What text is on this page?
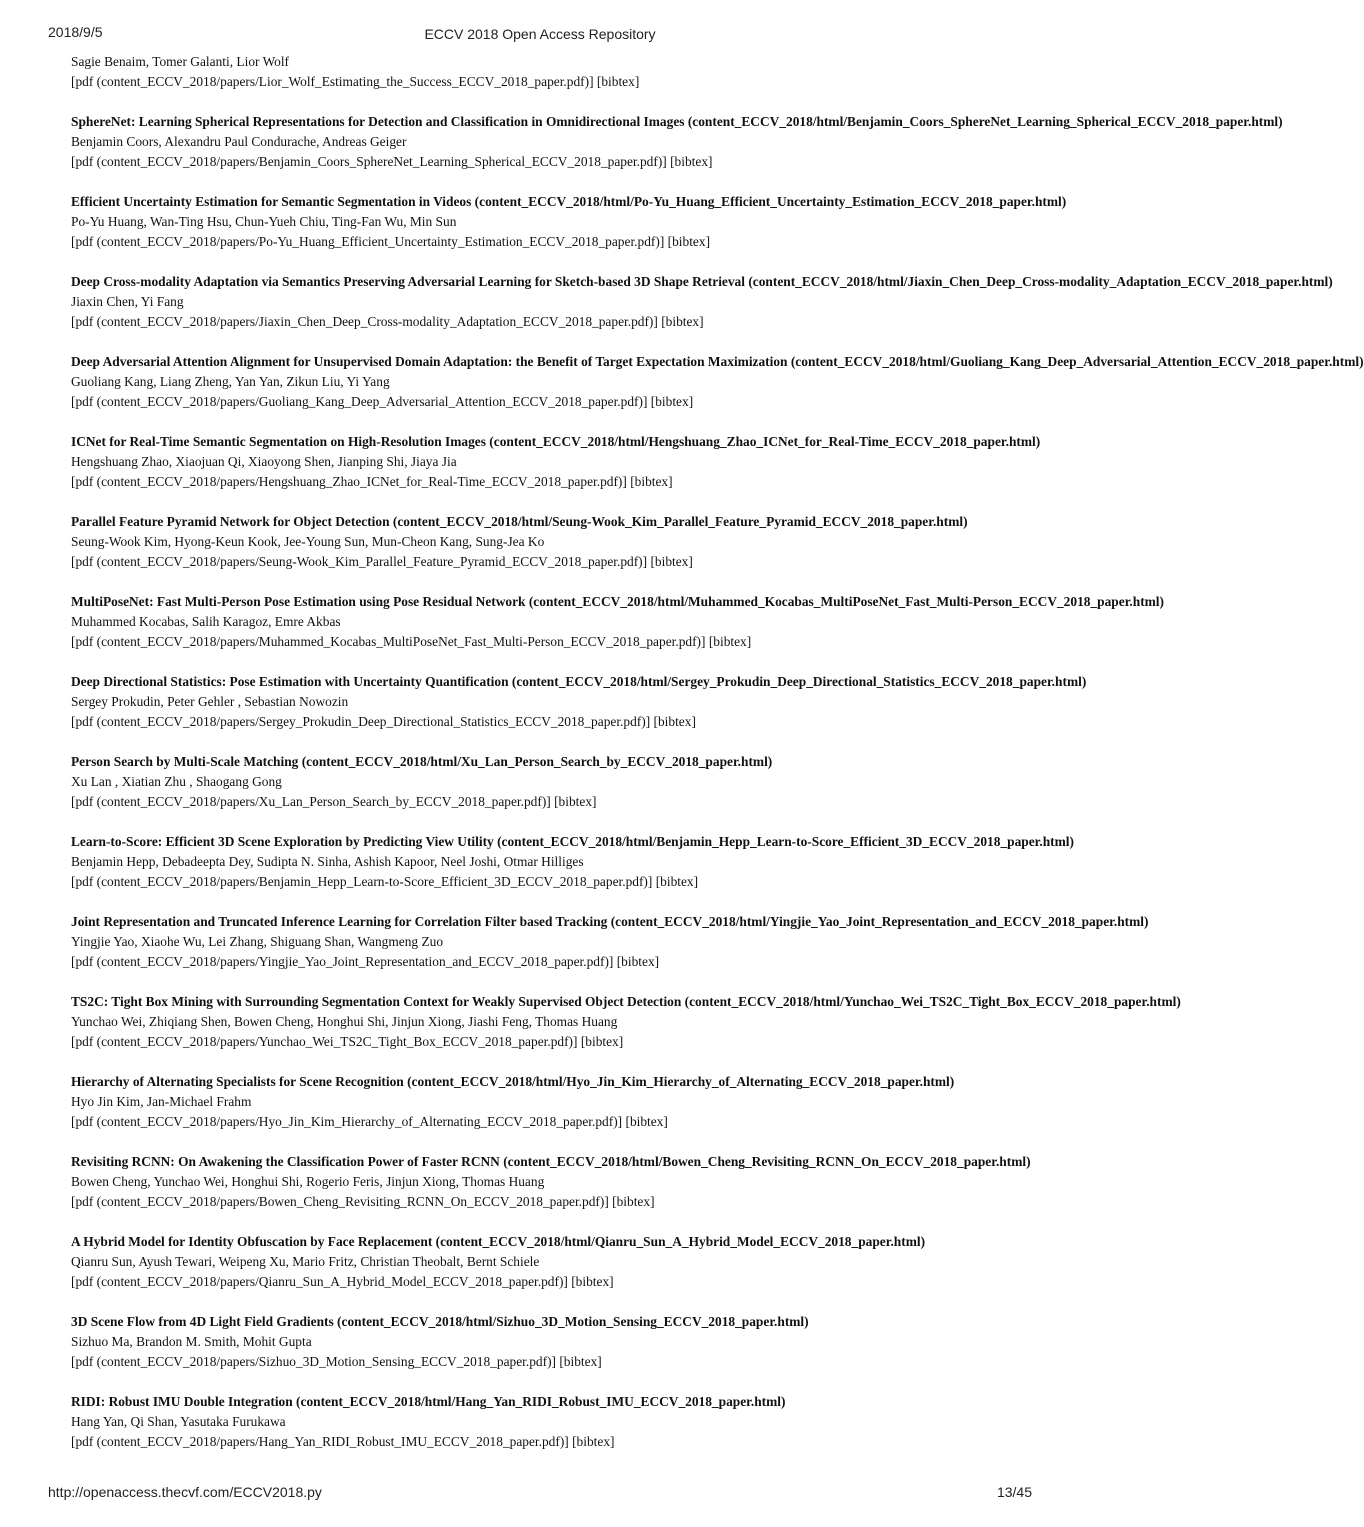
2018/9/5	ECCV 2018 Open Access Repository
Sagie Benaim, Tomer Galanti, Lior Wolf
[pdf (content_ECCV_2018/papers/Lior_Wolf_Estimating_the_Success_ECCV_2018_paper.pdf)] [bibtex]
SphereNet: Learning Spherical Representations for Detection and Classification in Omnidirectional Images (content_ECCV_2018/html/Benjamin_Coors_SphereNet_Learning_Spherical_ECCV_2018_paper.html)
Benjamin Coors, Alexandru Paul Condurache, Andreas Geiger
[pdf (content_ECCV_2018/papers/Benjamin_Coors_SphereNet_Learning_Spherical_ECCV_2018_paper.pdf)] [bibtex]
Efficient Uncertainty Estimation for Semantic Segmentation in Videos (content_ECCV_2018/html/Po-Yu_Huang_Efficient_Uncertainty_Estimation_ECCV_2018_paper.html)
Po-Yu Huang, Wan-Ting Hsu, Chun-Yueh Chiu, Ting-Fan Wu, Min Sun
[pdf (content_ECCV_2018/papers/Po-Yu_Huang_Efficient_Uncertainty_Estimation_ECCV_2018_paper.pdf)] [bibtex]
Deep Cross-modality Adaptation via Semantics Preserving Adversarial Learning for Sketch-based 3D Shape Retrieval (content_ECCV_2018/html/Jiaxin_Chen_Deep_Cross-modality_Adaptation_ECCV_2018_paper.html)
Jiaxin Chen, Yi Fang
[pdf (content_ECCV_2018/papers/Jiaxin_Chen_Deep_Cross-modality_Adaptation_ECCV_2018_paper.pdf)] [bibtex]
Deep Adversarial Attention Alignment for Unsupervised Domain Adaptation: the Benefit of Target Expectation Maximization (content_ECCV_2018/html/Guoliang_Kang_Deep_Adversarial_Attention_ECCV_2018_paper.html)
Guoliang Kang, Liang Zheng, Yan Yan, Zikun Liu, Yi Yang
[pdf (content_ECCV_2018/papers/Guoliang_Kang_Deep_Adversarial_Attention_ECCV_2018_paper.pdf)] [bibtex]
ICNet for Real-Time Semantic Segmentation on High-Resolution Images (content_ECCV_2018/html/Hengshuang_Zhao_ICNet_for_Real-Time_ECCV_2018_paper.html)
Hengshuang Zhao, Xiaojuan Qi, Xiaoyong Shen, Jianping Shi, Jiaya Jia
[pdf (content_ECCV_2018/papers/Hengshuang_Zhao_ICNet_for_Real-Time_ECCV_2018_paper.pdf)] [bibtex]
Parallel Feature Pyramid Network for Object Detection (content_ECCV_2018/html/Seung-Wook_Kim_Parallel_Feature_Pyramid_ECCV_2018_paper.html)
Seung-Wook Kim, Hyong-Keun Kook, Jee-Young Sun, Mun-Cheon Kang, Sung-Jea Ko
[pdf (content_ECCV_2018/papers/Seung-Wook_Kim_Parallel_Feature_Pyramid_ECCV_2018_paper.pdf)] [bibtex]
MultiPoseNet: Fast Multi-Person Pose Estimation using Pose Residual Network (content_ECCV_2018/html/Muhammed_Kocabas_MultiPoseNet_Fast_Multi-Person_ECCV_2018_paper.html)
Muhammed Kocabas, Salih Karagoz, Emre Akbas
[pdf (content_ECCV_2018/papers/Muhammed_Kocabas_MultiPoseNet_Fast_Multi-Person_ECCV_2018_paper.pdf)] [bibtex]
Deep Directional Statistics: Pose Estimation with Uncertainty Quantification (content_ECCV_2018/html/Sergey_Prokudin_Deep_Directional_Statistics_ECCV_2018_paper.html)
Sergey Prokudin, Peter Gehler , Sebastian Nowozin
[pdf (content_ECCV_2018/papers/Sergey_Prokudin_Deep_Directional_Statistics_ECCV_2018_paper.pdf)] [bibtex]
Person Search by Multi-Scale Matching (content_ECCV_2018/html/Xu_Lan_Person_Search_by_ECCV_2018_paper.html)
Xu Lan , Xiatian Zhu , Shaogang Gong
[pdf (content_ECCV_2018/papers/Xu_Lan_Person_Search_by_ECCV_2018_paper.pdf)] [bibtex]
Learn-to-Score: Efficient 3D Scene Exploration by Predicting View Utility (content_ECCV_2018/html/Benjamin_Hepp_Learn-to-Score_Efficient_3D_ECCV_2018_paper.html)
Benjamin Hepp, Debadeepta Dey, Sudipta N. Sinha, Ashish Kapoor, Neel Joshi, Otmar Hilliges
[pdf (content_ECCV_2018/papers/Benjamin_Hepp_Learn-to-Score_Efficient_3D_ECCV_2018_paper.pdf)] [bibtex]
Joint Representation and Truncated Inference Learning for Correlation Filter based Tracking (content_ECCV_2018/html/Yingjie_Yao_Joint_Representation_and_ECCV_2018_paper.html)
Yingjie Yao, Xiaohe Wu, Lei Zhang, Shiguang Shan, Wangmeng Zuo
[pdf (content_ECCV_2018/papers/Yingjie_Yao_Joint_Representation_and_ECCV_2018_paper.pdf)] [bibtex]
TS2C: Tight Box Mining with Surrounding Segmentation Context for Weakly Supervised Object Detection (content_ECCV_2018/html/Yunchao_Wei_TS2C_Tight_Box_ECCV_2018_paper.html)
Yunchao Wei, Zhiqiang Shen, Bowen Cheng, Honghui Shi, Jinjun Xiong, Jiashi Feng, Thomas Huang
[pdf (content_ECCV_2018/papers/Yunchao_Wei_TS2C_Tight_Box_ECCV_2018_paper.pdf)] [bibtex]
Hierarchy of Alternating Specialists for Scene Recognition (content_ECCV_2018/html/Hyo_Jin_Kim_Hierarchy_of_Alternating_ECCV_2018_paper.html)
Hyo Jin Kim, Jan-Michael Frahm
[pdf (content_ECCV_2018/papers/Hyo_Jin_Kim_Hierarchy_of_Alternating_ECCV_2018_paper.pdf)] [bibtex]
Revisiting RCNN: On Awakening the Classification Power of Faster RCNN (content_ECCV_2018/html/Bowen_Cheng_Revisiting_RCNN_On_ECCV_2018_paper.html)
Bowen Cheng, Yunchao Wei, Honghui Shi, Rogerio Feris, Jinjun Xiong, Thomas Huang
[pdf (content_ECCV_2018/papers/Bowen_Cheng_Revisiting_RCNN_On_ECCV_2018_paper.pdf)] [bibtex]
A Hybrid Model for Identity Obfuscation by Face Replacement (content_ECCV_2018/html/Qianru_Sun_A_Hybrid_Model_ECCV_2018_paper.html)
Qianru Sun, Ayush Tewari, Weipeng Xu, Mario Fritz, Christian Theobalt, Bernt Schiele
[pdf (content_ECCV_2018/papers/Qianru_Sun_A_Hybrid_Model_ECCV_2018_paper.pdf)] [bibtex]
3D Scene Flow from 4D Light Field Gradients (content_ECCV_2018/html/Sizhuo_3D_Motion_Sensing_ECCV_2018_paper.html)
Sizhuo Ma, Brandon M. Smith, Mohit Gupta
[pdf (content_ECCV_2018/papers/Sizhuo_3D_Motion_Sensing_ECCV_2018_paper.pdf)] [bibtex]
RIDI: Robust IMU Double Integration (content_ECCV_2018/html/Hang_Yan_RIDI_Robust_IMU_ECCV_2018_paper.html)
Hang Yan, Qi Shan, Yasutaka Furukawa
[pdf (content_ECCV_2018/papers/Hang_Yan_RIDI_Robust_IMU_ECCV_2018_paper.pdf)] [bibtex]
http://openaccess.thecvf.com/ECCV2018.py	13/45
